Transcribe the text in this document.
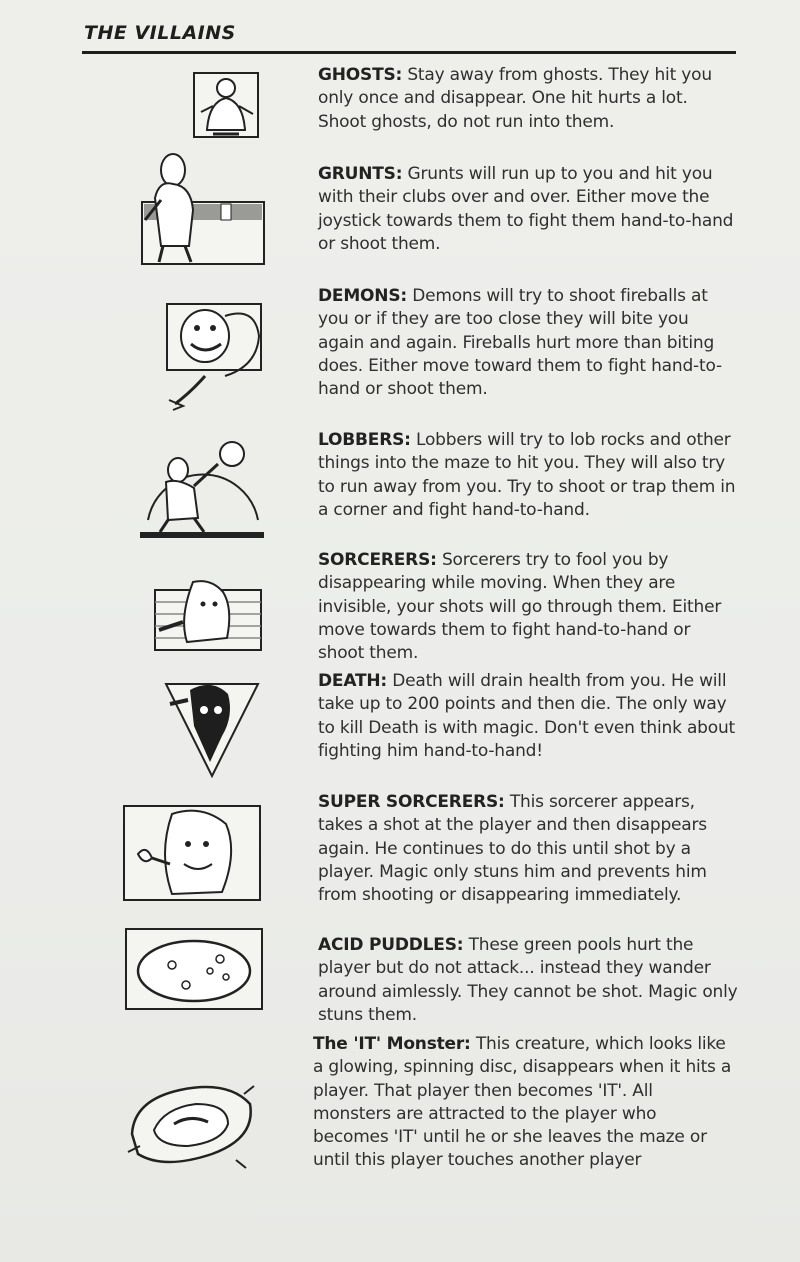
THE VILLAINS
GHOSTS: Stay away from ghosts. They hit you only once and disappear. One hit hurts a lot. Shoot ghosts, do not run into them.
GRUNTS: Grunts will run up to you and hit you with their clubs over and over. Either move the joystick towards them to fight them hand-to-hand or shoot them.
DEMONS: Demons will try to shoot fireballs at you or if they are too close they will bite you again and again. Fireballs hurt more than biting does. Either move toward them to fight hand-to-hand or shoot them.
LOBBERS: Lobbers will try to lob rocks and other things into the maze to hit you. They will also try to run away from you. Try to shoot or trap them in a corner and fight hand-to-hand.
SORCERERS: Sorcerers try to fool you by disappearing while moving. When they are invisible, your shots will go through them. Either move towards them to fight hand-to-hand or shoot them.
DEATH: Death will drain health from you. He will take up to 200 points and then die. The only way to kill Death is with magic. Don't even think about fighting him hand-to-hand!
SUPER SORCERERS: This sorcerer appears, takes a shot at the player and then disappears again. He continues to do this until shot by a player. Magic only stuns him and prevents him from shooting or disappearing immediately.
ACID PUDDLES: These green pools hurt the player but do not attack... instead they wander around aimlessly. They cannot be shot. Magic only stuns them.
The 'IT' Monster: This creature, which looks like a glowing, spinning disc, disappears when it hits a player. That player then becomes 'IT'. All monsters are attracted to the player who becomes 'IT' until he or she leaves the maze or until this player touches another player
